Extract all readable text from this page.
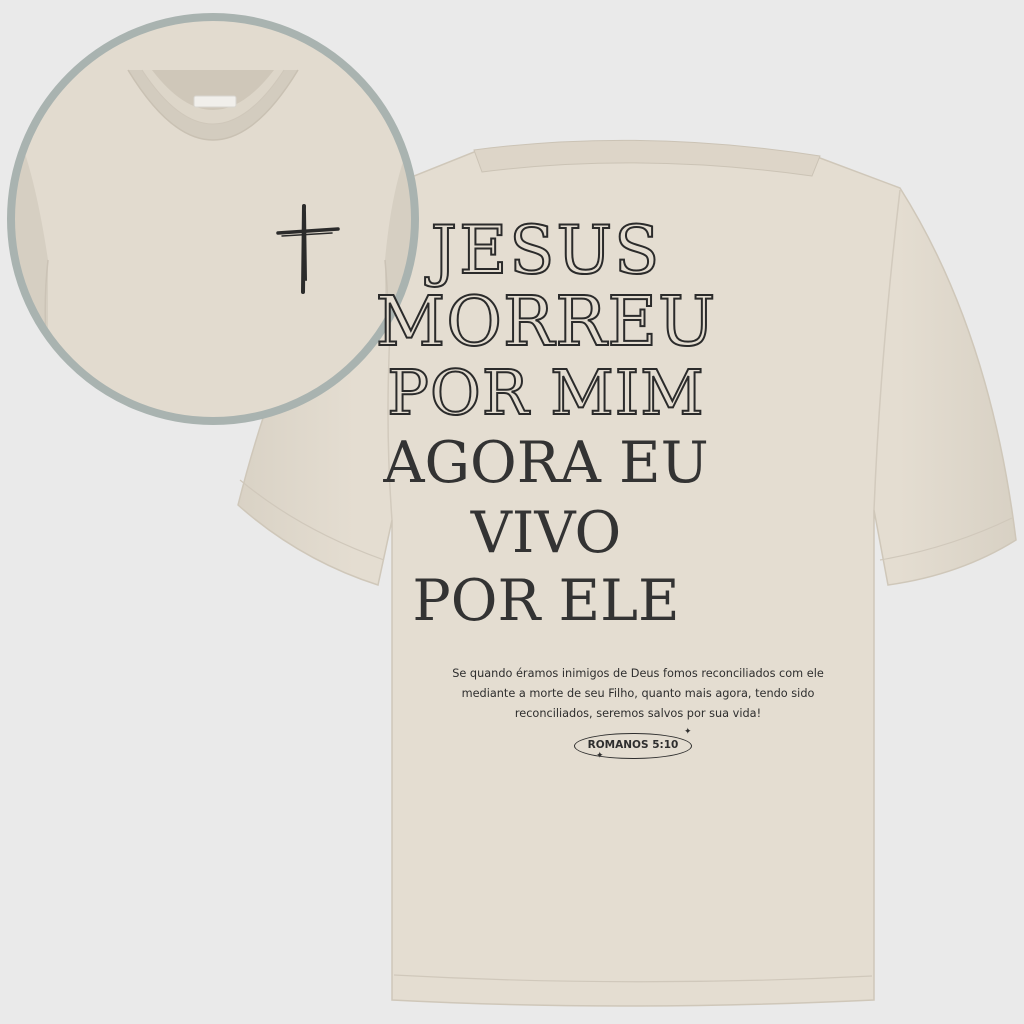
JESUS
MORREU
POR MIM
AGORA EU
VIVO
POR ELE
Se quando éramos inimigos de Deus fomos reconciliados com ele
mediante a morte de seu Filho, quanto mais agora, tendo sido
reconciliados, seremos salvos por sua vida!
ROMANOS 5:10
✦
✦
